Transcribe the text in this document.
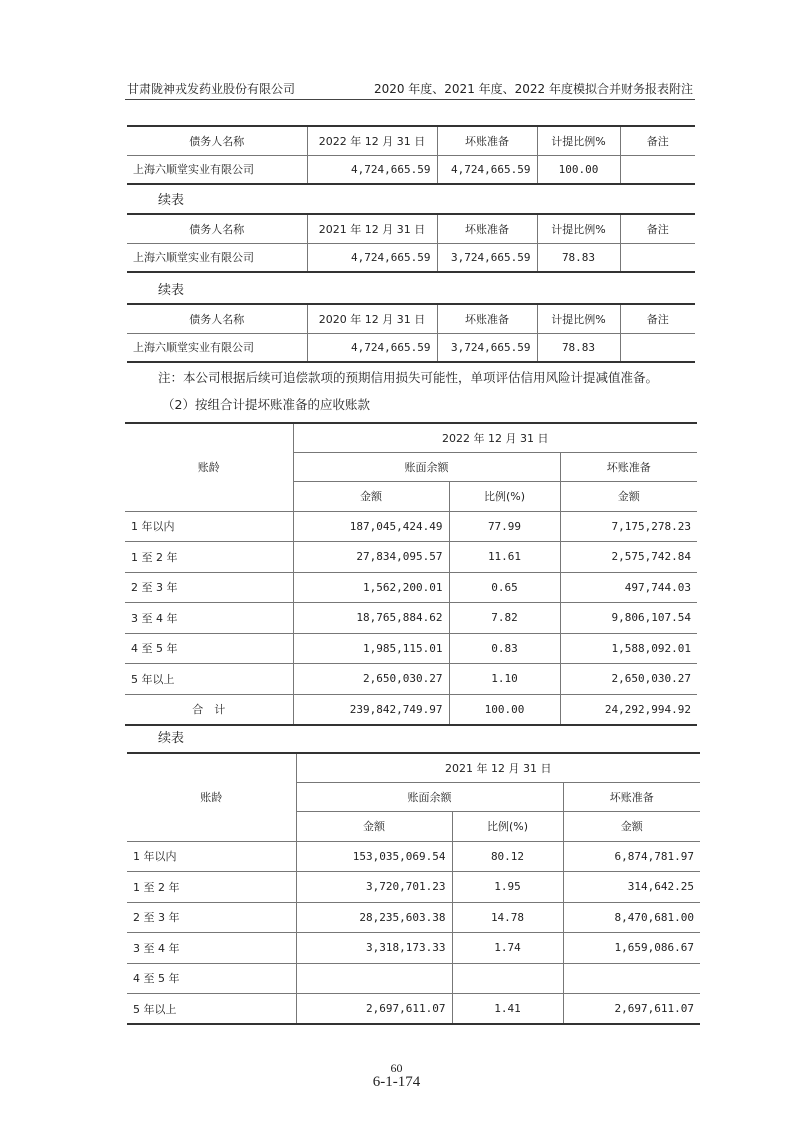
甘肃陇神戎发药业股份有限公司	2020 年度、2021 年度、2022 年度模拟合并财务报表附注
注：本公司根据后续可追偿款项的预期信用损失可能性，单项评估信用风险计提减值准备。
（2）按组合计提坏账准备的应收账款
60
6-1-174
债务人名称	2022 年 12 月 31 日	坏账准备	计提比例%	备注
上海六顺堂实业有限公司	4,724,665.59	4,724,665.59	100.00	
续表
债务人名称	2021 年 12 月 31 日	坏账准备	计提比例%	备注
上海六顺堂实业有限公司	4,724,665.59	3,724,665.59	78.83	
续表
债务人名称	2020 年 12 月 31 日	坏账准备	计提比例%	备注
上海六顺堂实业有限公司	4,724,665.59	3,724,665.59	78.83	
账龄	2022 年 12 月 31 日		
	账面余额		坏账准备
	金额	比例(%)	金额
1 年以内	187,045,424.49	77.99	7,175,278.23
1 至 2 年	27,834,095.57	11.61	2,575,742.84
2 至 3 年	1,562,200.01	0.65	497,744.03
3 至 4 年	18,765,884.62	7.82	9,806,107.54
4 至 5 年	1,985,115.01	0.83	1,588,092.01
5 年以上	2,650,030.27	1.10	2,650,030.27
合　计	239,842,749.97	100.00	24,292,994.92
续表
账龄	2021 年 12 月 31 日		
	账面余额		坏账准备
	金额	比例(%)	金额
1 年以内	153,035,069.54	80.12	6,874,781.97
1 至 2 年	3,720,701.23	1.95	314,642.25
2 至 3 年	28,235,603.38	14.78	8,470,681.00
3 至 4 年	3,318,173.33	1.74	1,659,086.67
4 至 5 年			
5 年以上	2,697,611.07	1.41	2,697,611.07
